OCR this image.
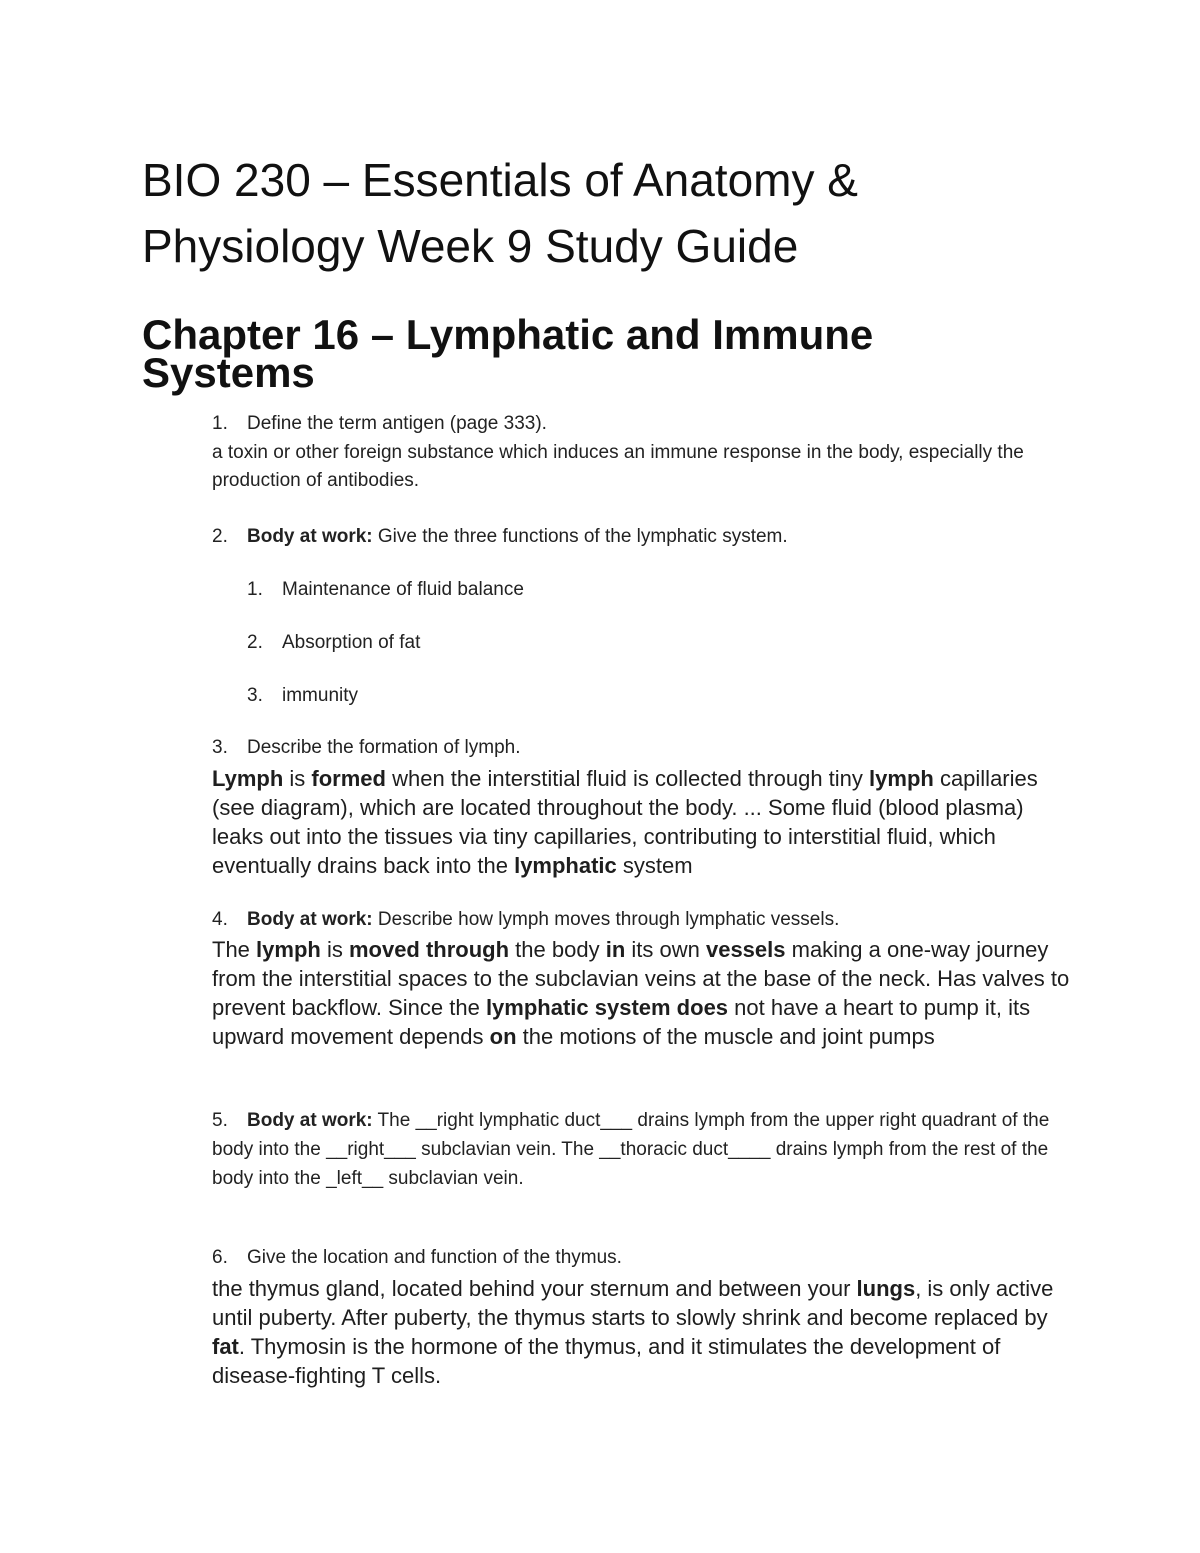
BIO 230 – Essentials of Anatomy & Physiology Week 9 Study Guide
Chapter 16 – Lymphatic and Immune Systems
1.	Define the term antigen (page 333).
a toxin or other foreign substance which induces an immune response in the body, especially the production of antibodies.
2.	Body at work: Give the three functions of the lymphatic system.
1. Maintenance of fluid balance
2. Absorption of fat
3. immunity
3.	Describe the formation of lymph.
Lymph is formed when the interstitial fluid is collected through tiny lymph capillaries (see diagram), which are located throughout the body. ... Some fluid (blood plasma) leaks out into the tissues via tiny capillaries, contributing to interstitial fluid, which eventually drains back into the lymphatic system
4.	Body at work: Describe how lymph moves through lymphatic vessels.
The lymph is moved through the body in its own vessels making a one-way journey from the interstitial spaces to the subclavian veins at the base of the neck. Has valves to prevent backflow. Since the lymphatic system does not have a heart to pump it, its upward movement depends on the motions of the muscle and joint pumps
5. Body at work: The __right lymphatic duct___ drains lymph from the upper right quadrant of the body into the __right___ subclavian vein. The __thoracic duct____ drains lymph from the rest of the body into the _left__ subclavian vein.
6.	Give the location and function of the thymus.
the thymus gland, located behind your sternum and between your lungs, is only active until puberty. After puberty, the thymus starts to slowly shrink and become replaced by fat. Thymosin is the hormone of the thymus, and it stimulates the development of disease-fighting T cells.
